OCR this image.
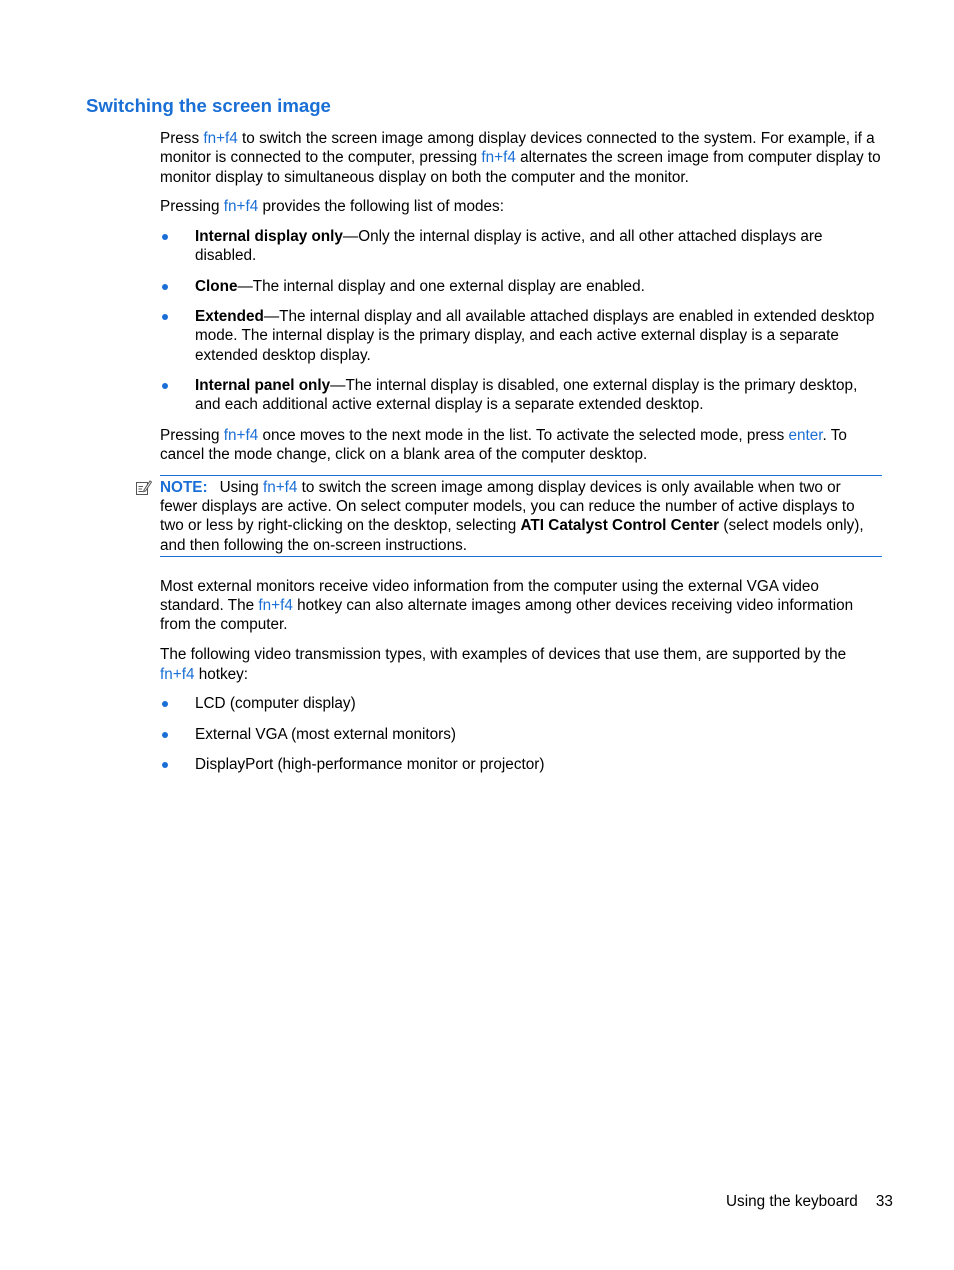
Switching the screen image

Press fn+f4 to switch the screen image among display devices connected to the system. For example, if a monitor is connected to the computer, pressing fn+f4 alternates the screen image from computer display to monitor display to simultaneous display on both the computer and the monitor.

Pressing fn+f4 provides the following list of modes:

Internal display only—Only the internal display is active, and all other attached displays are disabled.
Clone—The internal display and one external display are enabled.
Extended—The internal display and all available attached displays are enabled in extended desktop mode. The internal display is the primary display, and each active external display is a separate extended desktop display.
Internal panel only—The internal display is disabled, one external display is the primary desktop, and each additional active external display is a separate extended desktop.

Pressing fn+f4 once moves to the next mode in the list. To activate the selected mode, press enter. To cancel the mode change, click on a blank area of the computer desktop.

NOTE: Using fn+f4 to switch the screen image among display devices is only available when two or fewer displays are active. On select computer models, you can reduce the number of active displays to two or less by right-clicking on the desktop, selecting ATI Catalyst Control Center (select models only), and then following the on-screen instructions.

Most external monitors receive video information from the computer using the external VGA video standard. The fn+f4 hotkey can also alternate images among other devices receiving video information from the computer.

The following video transmission types, with examples of devices that use them, are supported by the fn+f4 hotkey:

LCD (computer display)
External VGA (most external monitors)
DisplayPort (high-performance monitor or projector)
Using the keyboard 33
